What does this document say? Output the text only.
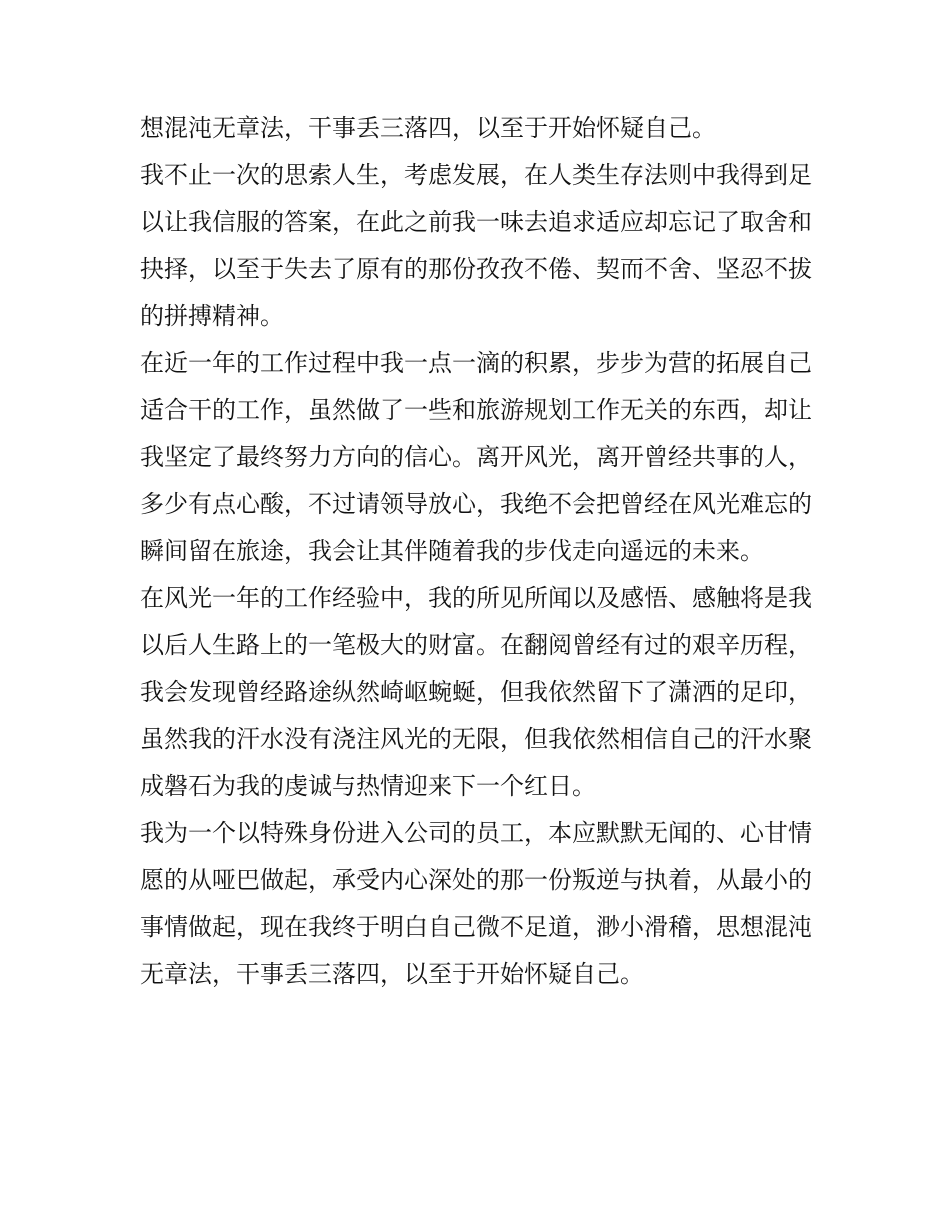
想混沌无章法，干事丢三落四，以至于开始怀疑自己。

我不止一次的思索人生，考虑发展，在人类生存法则中我得到足以让我信服的答案，在此之前我一味去追求适应却忘记了取舍和抉择，以至于失去了原有的那份孜孜不倦、契而不舍、坚忍不拔的拼搏精神。

在近一年的工作过程中我一点一滴的积累，步步为营的拓展自己适合干的工作，虽然做了一些和旅游规划工作无关的东西，却让我坚定了最终努力方向的信心。离开风光，离开曾经共事的人，多少有点心酸，不过请领导放心，我绝不会把曾经在风光难忘的瞬间留在旅途，我会让其伴随着我的步伐走向遥远的未来。

在风光一年的工作经验中，我的所见所闻以及感悟、感触将是我以后人生路上的一笔极大的财富。在翻阅曾经有过的艰辛历程，我会发现曾经路途纵然崎岖蜿蜒，但我依然留下了潇洒的足印，虽然我的汗水没有浇注风光的无限，但我依然相信自己的汗水聚成磐石为我的虔诚与热情迎来下一个红日。

我为一个以特殊身份进入公司的员工，本应默默无闻的、心甘情愿的从哑巴做起，承受内心深处的那一份叛逆与执着，从最小的事情做起，现在我终于明白自己微不足道，渺小滑稽，思想混沌无章法，干事丢三落四，以至于开始怀疑自己。
